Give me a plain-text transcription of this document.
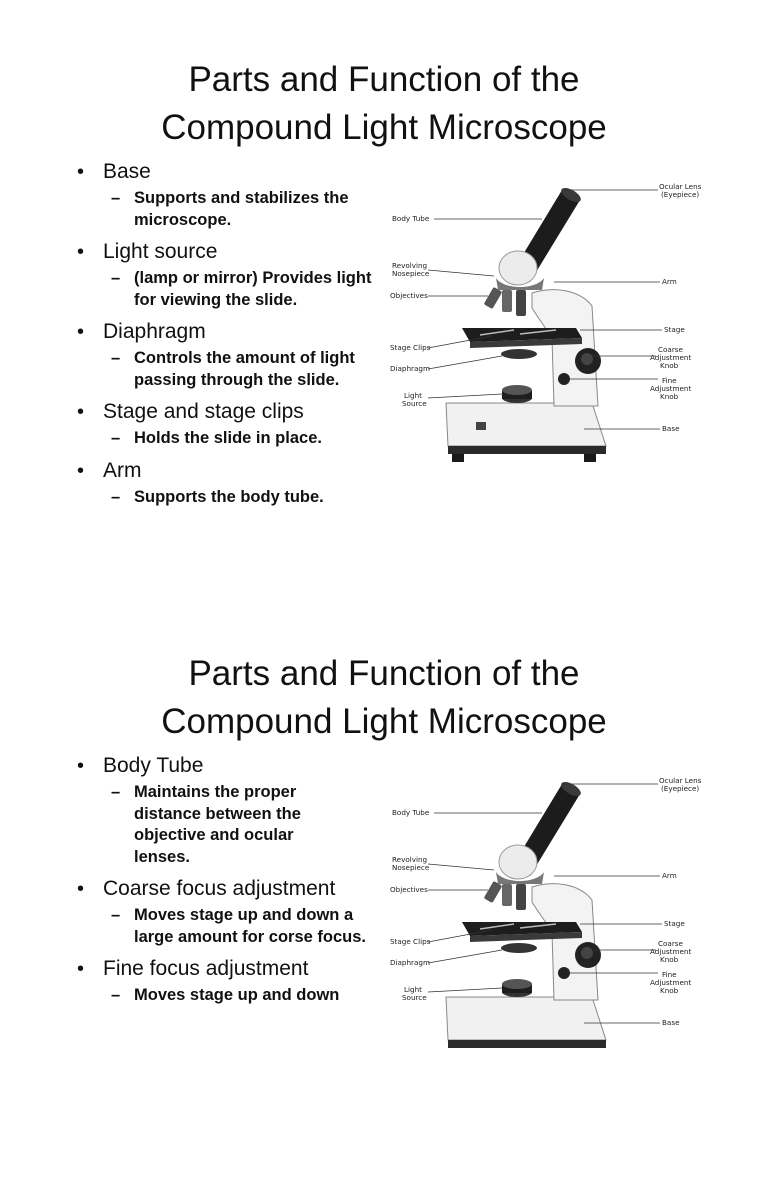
Parts and Function of the
Compound Light Microscope
• Base
– Supports and stabilizes the microscope.
• Light source
– (lamp or mirror) Provides light for viewing the slide.
• Diaphragm
– Controls the amount of light passing through the slide.
• Stage and stage clips
– Holds the slide in place.
• Arm
– Supports the body tube.
Ocular Lens
(Eyepiece)
Body Tube
Revolving
Nosepiece
Objectives
Arm
Stage
Stage Clips	Coarse
Adjustment
Knob
Diaphragm
Fine
Adjustment
Knob
Light
Source
Base
Parts and Function of the
Compound Light Microscope
• Body Tube
– Maintains the proper distance between the objective and ocular lenses.
• Coarse focus adjustment
– Moves stage up and down a large amount for corse focus.
• Fine focus adjustment
– Moves stage up and down
Ocular Lens
(Eyepiece)
Body Tube
Revolving
Nosepiece
Objectives
Arm
Stage
Stage Clips	Coarse
Adjustment
Knob
Diaphragm
Fine
Adjustment
Knob
Light
Source
Base
